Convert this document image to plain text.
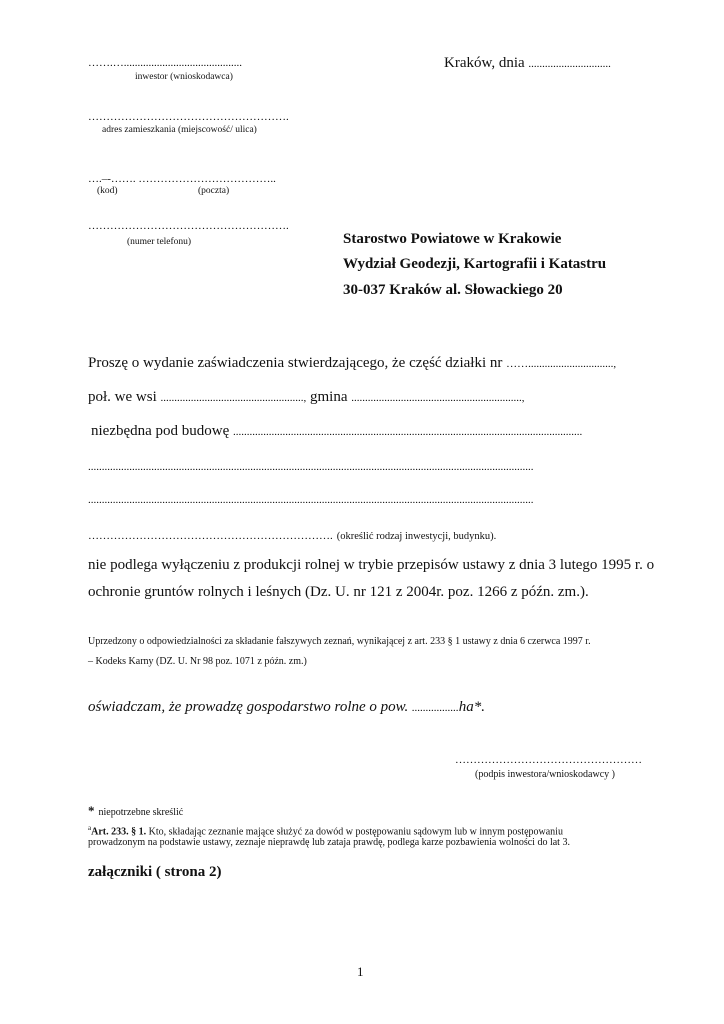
…….…...........................................
inwestor (wnioskodawca)
Kraków, dnia ..............................
……………………………………………….
adres zamieszkania (miejscowość/ ulica)
….–-……. ………………………………..
(kod)	(poczta)
……………………………………………….
(numer telefonu)	Starostwo Powiatowe w Krakowie
Wydział Geodezji, Kartografii i Katastru
30-037 Kraków al. Słowackiego 20
Proszę o wydanie zaświadczenia stwierdzającego, że część działki nr ……...............................,
poł. we wsi ...................................................., gmina ..............................................................,
niezbędna pod budowę ...............................................................................................................................
..................................................................................................................................................................
..................................................................................................................................................................
…………………………………………………………. (określić rodzaj inwestycji, budynku).
nie podlega wyłączeniu z produkcji rolnej w trybie przepisów ustawy z dnia 3 lutego 1995 r. o
ochronie gruntów rolnych i leśnych (Dz. U. nr 121 z 2004r. poz. 1266 z późn. zm.).
Uprzedzony o odpowiedzialności za składanie fałszywych zeznań, wynikającej z art. 233 § 1 ustawy z dnia 6 czerwca 1997 r.
– Kodeks Karny (DZ. U. Nr 98 poz. 1071 z późn. zm.)
oświadczam, że prowadzę gospodarstwo rolne o pow. .................ha*.
……………………………………………
(podpis inwestora/wnioskodawcy )
* niepotrzebne skreślić
$^a$Art. 233. § 1. Kto, składając zeznanie mające służyć za dowód w postępowaniu sądowym lub w innym postępowaniu
prowadzonym na podstawie ustawy, zeznaje nieprawdę lub zataja prawdę, podlega karze pozbawienia wolności do lat 3.
załączniki ( strona 2)
1
